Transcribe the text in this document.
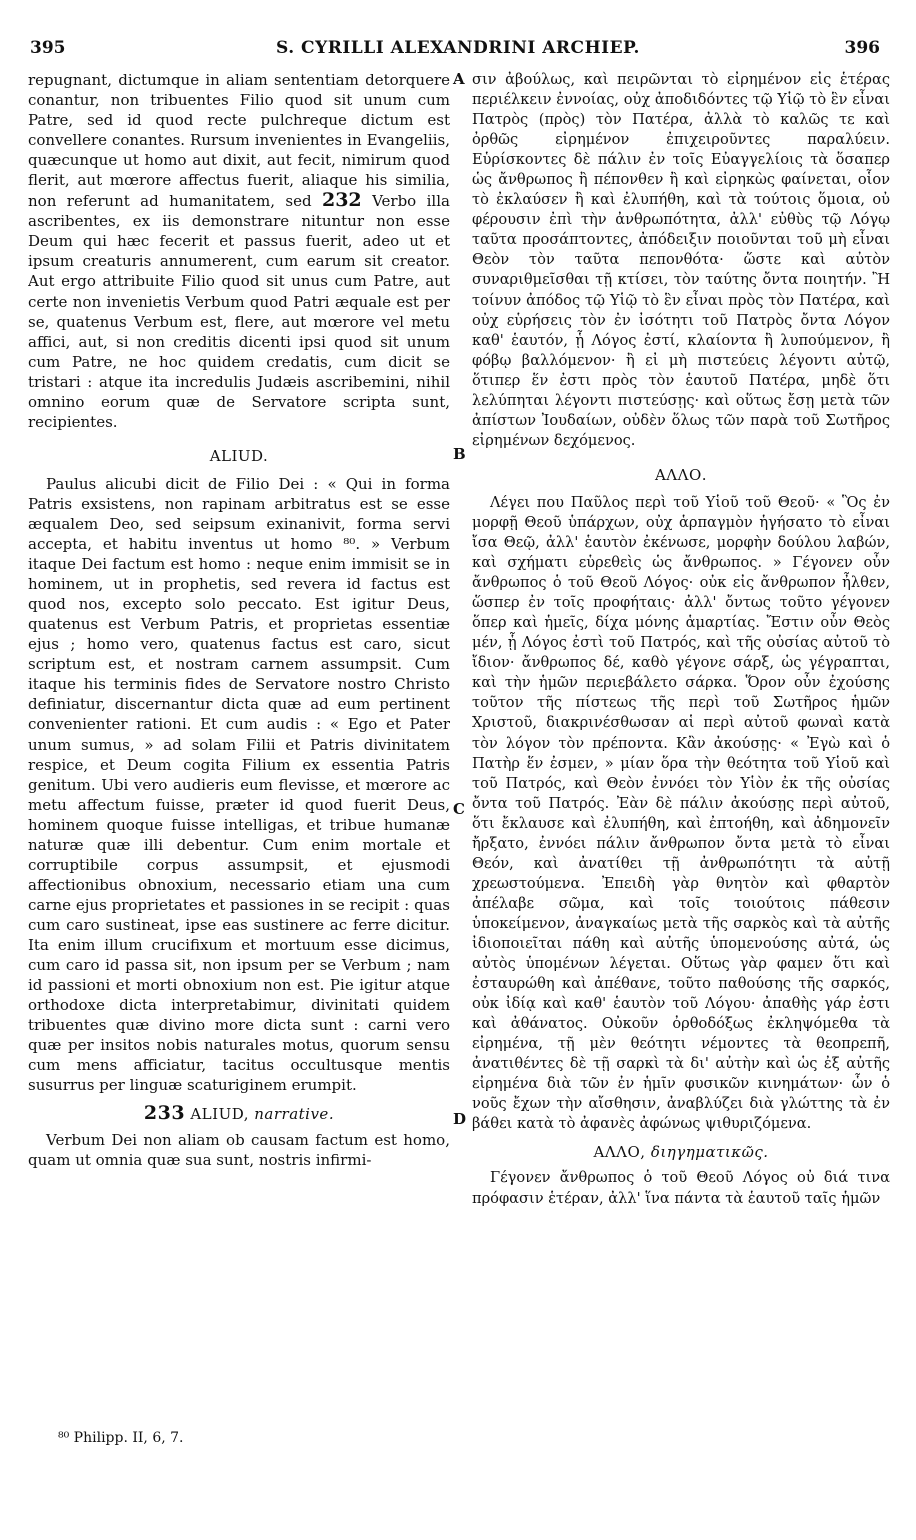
395	S. CYRILLI ALEXANDRINI ARCHIEP.	396
A
B
C
D

repugnant, dictumque in aliam sententiam detorquere conantur, non tribuentes Filio quod sit unum cum Patre, sed id quod recte pulchreque dictum est convellere conantes. Rursum invenientes in Evangeliis, quæcunque ut homo aut dixit, aut fecit, nimirum quod flerit, aut mœrore affectus fuerit, aliaque his similia, non referunt ad humanitatem, sed 232 Verbo illa ascribentes, ex iis demonstrare nituntur non esse Deum qui hæc fecerit et passus fuerit, adeo ut et ipsum creaturis annumerent, cum earum sit creator. Aut ergo attribuite Filio quod sit unus cum Patre, aut certe non invenietis Verbum quod Patri æquale est per se, quatenus Verbum est, flere, aut mœrore vel metu affici, aut, si non creditis dicenti ipsi quod sit unum cum Patre, ne hoc quidem credatis, cum dicit se tristari : atque ita incredulis Judæis ascribemini, nihil omnino eorum quæ de Servatore scripta sunt, recipientes.

ALIUD.

Paulus alicubi dicit de Filio Dei : « Qui in forma Patris exsistens, non rapinam arbitratus est se esse æqualem Deo, sed seipsum exinanivit, forma servi accepta, et habitu inventus ut homo ⁸⁰. » Verbum itaque Dei factum est homo : neque enim immisit se in hominem, ut in prophetis, sed revera id factus est quod nos, excepto solo peccato. Est igitur Deus, quatenus est Verbum Patris, et proprietas essentiæ ejus ; homo vero, quatenus factus est caro, sicut scriptum est, et nostram carnem assumpsit. Cum itaque his terminis fides de Servatore nostro Christo definiatur, discernantur dicta quæ ad eum pertinent convenienter rationi. Et cum audis : « Ego et Pater unum sumus, » ad solam Filii et Patris divinitatem respice, et Deum cogita Filium ex essentia Patris genitum. Ubi vero audieris eum flevisse, et mœrore ac metu affectum fuisse, præter id quod fuerit Deus, hominem quoque fuisse intelligas, et tribue humanæ naturæ quæ illi debentur. Cum enim mortale et corruptibile corpus assumpsit, et ejusmodi affectionibus obnoxium, necessario etiam una cum carne ejus proprietates et passiones in se recipit : quas cum caro sustineat, ipse eas sustinere ac ferre dicitur. Ita enim illum crucifixum et mortuum esse dicimus, cum caro id passa sit, non ipsum per se Verbum ; nam id passioni et morti obnoxium non est. Pie igitur atque orthodoxe dicta interpretabimur, divinitati quidem tribuentes quæ divino more dicta sunt : carni vero quæ per insitos nobis naturales motus, quorum sensu cum mens afficiatur, tacitus occultusque mentis susurrus per linguæ scaturiginem erumpit.

233 ALIUD, narrative.

Verbum Dei non aliam ob causam factum est homo, quam ut omnia quæ sua sunt, nostris infirmi-

σιν ἀβούλως, καὶ πειρῶνται τὸ εἰρημένον εἰς ἑτέρας περιέλκειν ἐννοίας, οὐχ ἀποδιδόντες τῷ Υἱῷ τὸ ἓν εἶναι Πατρὸς (πρὸς) τὸν Πατέρα, ἀλλὰ τὸ καλῶς τε καὶ ὀρθῶς εἰρημένον ἐπιχειροῦντες παραλύειν. Εὑρίσκοντες δὲ πάλιν ἐν τοῖς Εὐαγγελίοις τὰ ὅσαπερ ὡς ἄνθρωπος ἢ πέπονθεν ἢ καὶ εἰρηκὼς φαίνεται, οἷον τὸ ἐκλαύσεν ἢ καὶ ἐλυπήθη, καὶ τὰ τούτοις ὅμοια, οὐ φέρουσιν ἐπὶ τὴν ἀνθρωπότητα, ἀλλ' εὐθὺς τῷ Λόγῳ ταῦτα προσάπτοντες, ἀπόδειξιν ποιοῦνται τοῦ μὴ εἶναι Θεὸν τὸν ταῦτα πεπονθότα· ὥστε καὶ αὐτὸν συναριθμεῖσθαι τῇ κτίσει, τὸν ταύτης ὄντα ποιητήν. Ἢ τοίνυν ἀπόδος τῷ Υἱῷ τὸ ἓν εἶναι πρὸς τὸν Πατέρα, καὶ οὐχ εὑρήσεις τὸν ἐν ἰσότητι τοῦ Πατρὸς ὄντα Λόγον καθ' ἑαυτόν, ᾗ Λόγος ἐστί, κλαίοντα ἢ λυπούμενον, ἢ φόβῳ βαλλόμενον· ἢ εἰ μὴ πιστεύεις λέγοντι αὐτῷ, ὅτιπερ ἕν ἐστι πρὸς τὸν ἑαυτοῦ Πατέρα, μηδὲ ὅτι λελύπηται λέγοντι πιστεύσῃς· καὶ οὕτως ἔσῃ μετὰ τῶν ἀπίστων Ἰουδαίων, οὐδὲν ὅλως τῶν παρὰ τοῦ Σωτῆρος εἰρημένων δεχόμενος.

ΑΛΛΟ.

Λέγει που Παῦλος περὶ τοῦ Υἱοῦ τοῦ Θεοῦ· « Ὃς ἐν μορφῇ Θεοῦ ὑπάρχων, οὐχ ἁρπαγμὸν ἡγήσατο τὸ εἶναι ἴσα Θεῷ, ἀλλ' ἑαυτὸν ἐκένωσε, μορφὴν δούλου λαβών, καὶ σχήματι εὑρεθεὶς ὡς ἄνθρωπος. » Γέγονεν οὖν ἄνθρωπος ὁ τοῦ Θεοῦ Λόγος· οὐκ εἰς ἄνθρωπον ἦλθεν, ὥσπερ ἐν τοῖς προφήταις· ἀλλ' ὄντως τοῦτο γέγονεν ὅπερ καὶ ἡμεῖς, δίχα μόνης ἁμαρτίας. Ἔστιν οὖν Θεὸς μέν, ᾗ Λόγος ἐστὶ τοῦ Πατρός, καὶ τῆς οὐσίας αὐτοῦ τὸ ἴδιον· ἄνθρωπος δέ, καθὸ γέγονε σάρξ, ὡς γέγραπται, καὶ τὴν ἡμῶν περιεβάλετο σάρκα. Ὅρον οὖν ἐχούσης τοῦτον τῆς πίστεως τῆς περὶ τοῦ Σωτῆρος ἡμῶν Χριστοῦ, διακρινέσθωσαν αἱ περὶ αὐτοῦ φωναὶ κατὰ τὸν λόγον τὸν πρέποντα. Κἂν ἀκούσῃς· « Ἐγὼ καὶ ὁ Πατὴρ ἕν ἐσμεν, » μίαν ὅρα τὴν θεότητα τοῦ Υἱοῦ καὶ τοῦ Πατρός, καὶ Θεὸν ἐννόει τὸν Υἱὸν ἐκ τῆς οὐσίας ὄντα τοῦ Πατρός. Ἐὰν δὲ πάλιν ἀκούσῃς περὶ αὐτοῦ, ὅτι ἔκλαυσε καὶ ἐλυπήθη, καὶ ἐπτοήθη, καὶ ἀδημονεῖν ἤρξατο, ἐννόει πάλιν ἄνθρωπον ὄντα μετὰ τὸ εἶναι Θεόν, καὶ ἀνατίθει τῇ ἀνθρωπότητι τὰ αὐτῇ χρεωστούμενα. Ἐπειδὴ γὰρ θνητὸν καὶ φθαρτὸν ἀπέλαβε σῶμα, καὶ τοῖς τοιούτοις πάθεσιν ὑποκείμενον, ἀναγκαίως μετὰ τῆς σαρκὸς καὶ τὰ αὐτῆς ἰδιοποιεῖται πάθη καὶ αὐτῆς ὑπομενούσης αὐτά, ὡς αὐτὸς ὑπομένων λέγεται. Οὕτως γὰρ φαμεν ὅτι καὶ ἐσταυρώθη καὶ ἀπέθανε, τοῦτο παθούσης τῆς σαρκός, οὐκ ἰδίᾳ καὶ καθ' ἑαυτὸν τοῦ Λόγου· ἀπαθὴς γάρ ἐστι καὶ ἀθάνατος. Οὐκοῦν ὀρθοδόξως ἐκληψόμεθα τὰ εἰρημένα, τῇ μὲν θεότητι νέμοντες τὰ θεοπρεπῆ, ἀνατιθέντες δὲ τῇ σαρκὶ τὰ δι' αὐτὴν καὶ ὡς ἐξ αὐτῆς εἰρημένα διὰ τῶν ἐν ἡμῖν φυσικῶν κινημάτων· ὧν ὁ νοῦς ἔχων τὴν αἴσθησιν, ἀναβλύζει διὰ γλώττης τὰ ἐν βάθει κατὰ τὸ ἀφανὲς ἀφώνως ψιθυριζόμενα.

ΑΛΛΟ, διηγηματικῶς.

Γέγονεν ἄνθρωπος ὁ τοῦ Θεοῦ Λόγος οὐ διά τινα πρόφασιν ἑτέραν, ἀλλ' ἵνα πάντα τὰ ἑαυτοῦ ταῖς ἡμῶν

⁸⁰ Philipp. II, 6, 7.
